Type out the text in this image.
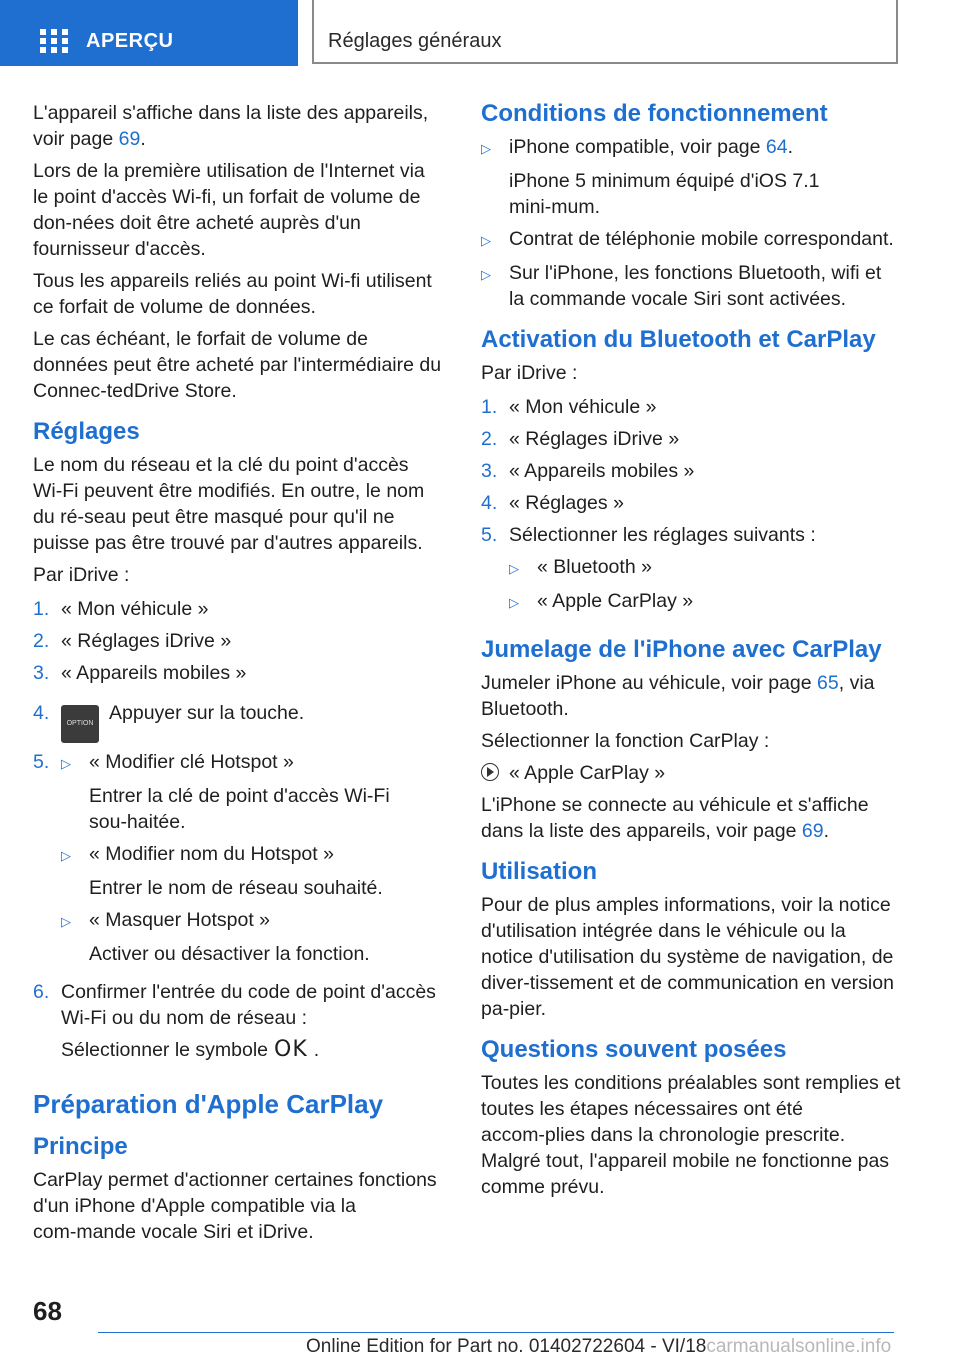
APERÇU	Réglages généraux

L'appareil s'affiche dans la liste des appareils, voir page 69.

Lors de la première utilisation de l'Internet via le point d'accès Wi‑fi, un forfait de volume de don‑nées doit être acheté auprès d'un fournisseur d'accès.

Tous les appareils reliés au point Wi‑fi utilisent ce forfait de volume de données.

Le cas échéant, le forfait de volume de données peut être acheté par l'intermédiaire du Connec‑tedDrive Store.

Réglages

Le nom du réseau et la clé du point d'accès Wi‑Fi peuvent être modifiés. En outre, le nom du ré‑seau peut être masqué pour qu'il ne puisse pas être trouvé par d'autres appareils.

Par iDrive :

1. « Mon véhicule »
2. « Réglages iDrive »
3. « Appareils mobiles »
4.	OPTION Appuyer sur la touche.
5. ▷ « Modifier clé Hotspot »

Entrer la clé de point d'accès Wi‑Fi sou‑haitée.

▷ « Modifier nom du Hotspot »

Entrer le nom de réseau souhaité.

▷ « Masquer Hotspot »

Activer ou désactiver la fonction.

6. Confirmer l'entrée du code de point d'accès Wi‑Fi ou du nom de réseau :

Sélectionner le symbole OK .

Préparation d'Apple CarPlay
Principe

CarPlay permet d'actionner certaines fonctions d'un iPhone d'Apple compatible via la com‑mande vocale Siri et iDrive.

Conditions de fonctionnement
▷ iPhone compatible, voir page 64.

iPhone 5 minimum équipé d'iOS 7.1 mini‑mum.

▷ Contrat de téléphonie mobile correspondant.
▷ Sur l'iPhone, les fonctions Bluetooth, wifi et la commande vocale Siri sont activées.
Activation du Bluetooth et CarPlay

Par iDrive :

1. « Mon véhicule »
2. « Réglages iDrive »
3. « Appareils mobiles »
4. « Réglages »
5. Sélectionner les réglages suivants :
▷ « Bluetooth »
▷ « Apple CarPlay »
Jumelage de l'iPhone avec CarPlay

Jumeler iPhone au véhicule, voir page 65, via Bluetooth.

Sélectionner la fonction CarPlay :

« Apple CarPlay »

L'iPhone se connecte au véhicule et s'affiche dans la liste des appareils, voir page 69.

Utilisation

Pour de plus amples informations, voir la notice d'utilisation intégrée dans le véhicule ou la notice d'utilisation du système de navigation, de diver‑tissement et de communication en version pa‑pier.

Questions souvent posées

Toutes les conditions préalables sont remplies et toutes les étapes nécessaires ont été accom‑plies dans la chronologie prescrite. Malgré tout, l'appareil mobile ne fonctionne pas comme prévu.

68
Online Edition for Part no. 01402722604 - VI/18carmanualsonline.info
